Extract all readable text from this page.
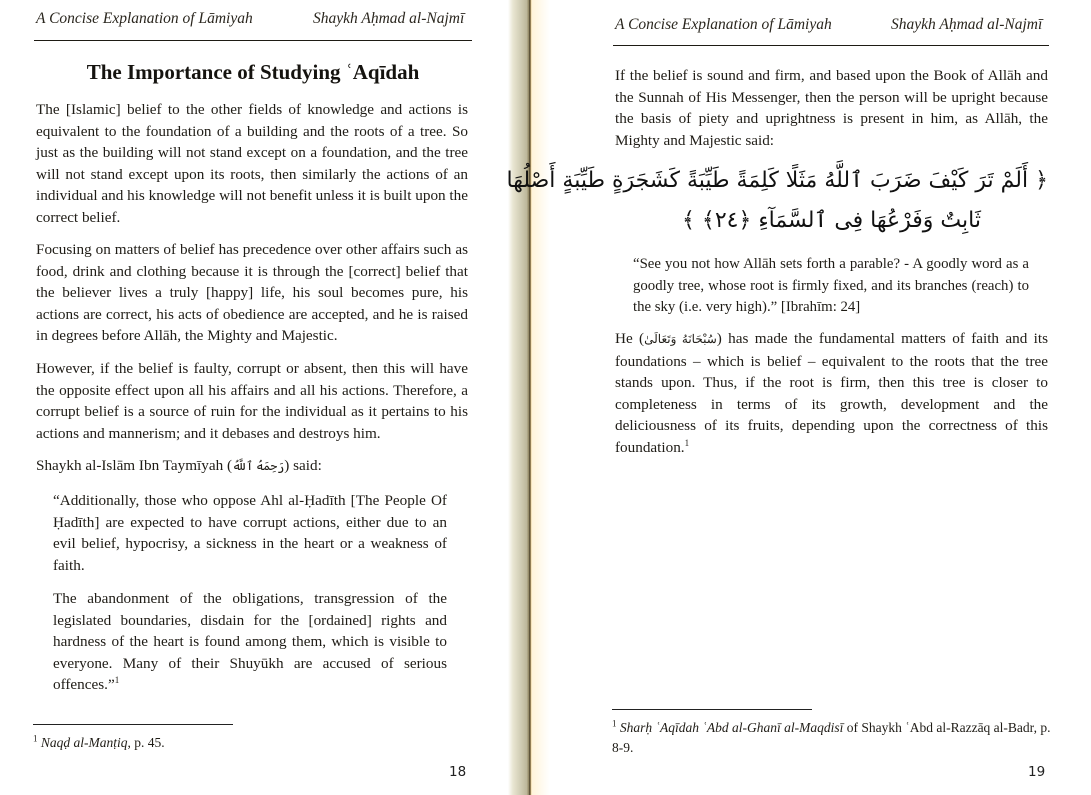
A Concise Explanation of Lāmiyah	Shaykh Aḥmad al-Najmī
The Importance of Studying ʿAqīdah

The [Islamic] belief to the other fields of knowledge and actions is equivalent to the foundation of a building and the roots of a tree. So just as the building will not stand except on a foundation, and the tree will not stand except upon its roots, then similarly the actions of an individual and his knowledge will not benefit unless it is built upon the correct belief.

Focusing on matters of belief has precedence over other affairs such as food, drink and clothing because it is through the [correct] belief that the believer lives a truly [happy] life, his soul becomes pure, his actions are correct, his acts of obedience are accepted, and he is raised in degrees before Allāh, the Mighty and Majestic.

However, if the belief is faulty, corrupt or absent, then this will have the opposite effect upon all his affairs and all his actions. Therefore, a corrupt belief is a source of ruin for the individual as it pertains to his actions and mannerism; and it debases and destroys him.

Shaykh al-Islām Ibn Taymīyah (رَحِمَهُ ٱللَّهُ) said:

“Additionally, those who oppose Ahl al-Ḥadīth [The People Of Ḥadīth] are expected to have corrupt actions, either due to an evil belief, hypocrisy, a sickness in the heart or a weakness of faith.

The abandonment of the obligations, transgression of the legislated boundaries, disdain for the [ordained] rights and hardness of the heart is found among them, which is visible to everyone. Many of their Shuyūkh are accused of serious offences.”$^1$

$^1$ Naqḍ al-Manṭiq, p. 45.
18
A Concise Explanation of Lāmiyah	Shaykh Aḥmad al-Najmī

If the belief is sound and firm, and based upon the Book of Allāh and the Sunnah of His Messenger, then the person will be upright because the basis of piety and uprightness is present in him, as Allāh, the Mighty and Majestic said:

﴿ أَلَمْ تَرَ كَيْفَ ضَرَبَ ٱللَّهُ مَثَلًا كَلِمَةً طَيِّبَةً كَشَجَرَةٍ طَيِّبَةٍ أَصْلُهَا
ثَابِتٌ وَفَرْعُهَا فِى ٱلسَّمَآءِ ﴿٢٤﴾ ﴾

“See you not how Allāh sets forth a parable? - A goodly word as a goodly tree, whose root is firmly fixed, and its branches (reach) to the sky (i.e. very high).” [Ibrahīm: 24]

He (سُبْحَانَهُ وَتَعَالَىٰ) has made the fundamental matters of faith and its foundations – which is belief – equivalent to the roots that the tree stands upon. Thus, if the root is firm, then this tree is closer to completeness in terms of its growth, development and the deliciousness of its fruits, depending upon the correctness of this foundation.$^1$

$^1$ Sharḥ ʿAqīdah ʿAbd al-Ghanī al-Maqdisī of Shaykh ʿAbd al-Razzāq al-Badr, p. 8-9.
19
